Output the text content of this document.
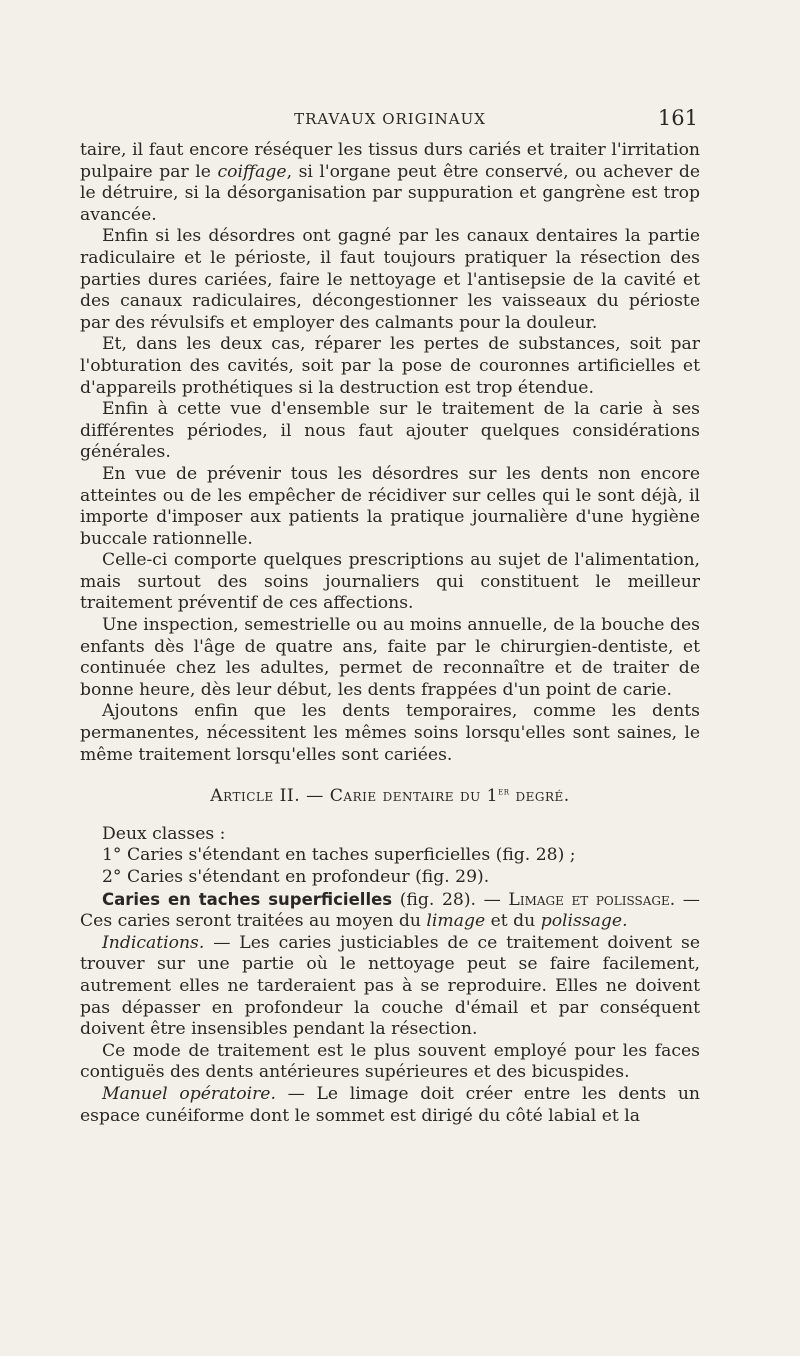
TRAVAUX ORIGINAUX	161

taire, il faut encore réséquer les tissus durs cariés et traiter l'irritation pulpaire par le coiffage, si l'organe peut être conservé, ou achever de le détruire, si la désorganisation par suppuration et gangrène est trop avancée.

Enfin si les désordres ont gagné par les canaux dentaires la partie radiculaire et le périoste, il faut toujours pratiquer la résection des parties dures cariées, faire le nettoyage et l'antisepsie de la cavité et des canaux radiculaires, décongestionner les vaisseaux du périoste par des révulsifs et employer des calmants pour la douleur.

Et, dans les deux cas, réparer les pertes de substances, soit par l'obturation des cavités, soit par la pose de couronnes artificielles et d'appareils prothétiques si la destruction est trop étendue.

Enfin à cette vue d'ensemble sur le traitement de la carie à ses différentes périodes, il nous faut ajouter quelques considérations générales.

En vue de prévenir tous les désordres sur les dents non encore atteintes ou de les empêcher de récidiver sur celles qui le sont déjà, il importe d'imposer aux patients la pratique journalière d'une hygiène buccale rationnelle.

Celle-ci comporte quelques prescriptions au sujet de l'alimentation, mais surtout des soins journaliers qui constituent le meilleur traitement préventif de ces affections.

Une inspection, semestrielle ou au moins annuelle, de la bouche des enfants dès l'âge de quatre ans, faite par le chirurgien-dentiste, et continuée chez les adultes, permet de reconnaître et de traiter de bonne heure, dès leur début, les dents frappées d'un point de carie.

Ajoutons enfin que les dents temporaires, comme les dents permanentes, nécessitent les mêmes soins lorsqu'elles sont saines, le même traitement lorsqu'elles sont cariées.

Article II. — Carie dentaire du 1er degré.

Deux classes :

1° Caries s'étendant en taches superficielles (fig. 28) ;

2° Caries s'étendant en profondeur (fig. 29).

Caries en taches superficielles (fig. 28). — Limage et polissage. — Ces caries seront traitées au moyen du limage et du polissage.

Indications. — Les caries justiciables de ce traitement doivent se trouver sur une partie où le nettoyage peut se faire facilement, autrement elles ne tarderaient pas à se reproduire. Elles ne doivent pas dépasser en profondeur la couche d'émail et par conséquent doivent être insensibles pendant la résection.

Ce mode de traitement est le plus souvent employé pour les faces contiguës des dents antérieures supérieures et des bicuspides.

Manuel opératoire. — Le limage doit créer entre les dents un espace cunéiforme dont le sommet est dirigé du côté labial et la
